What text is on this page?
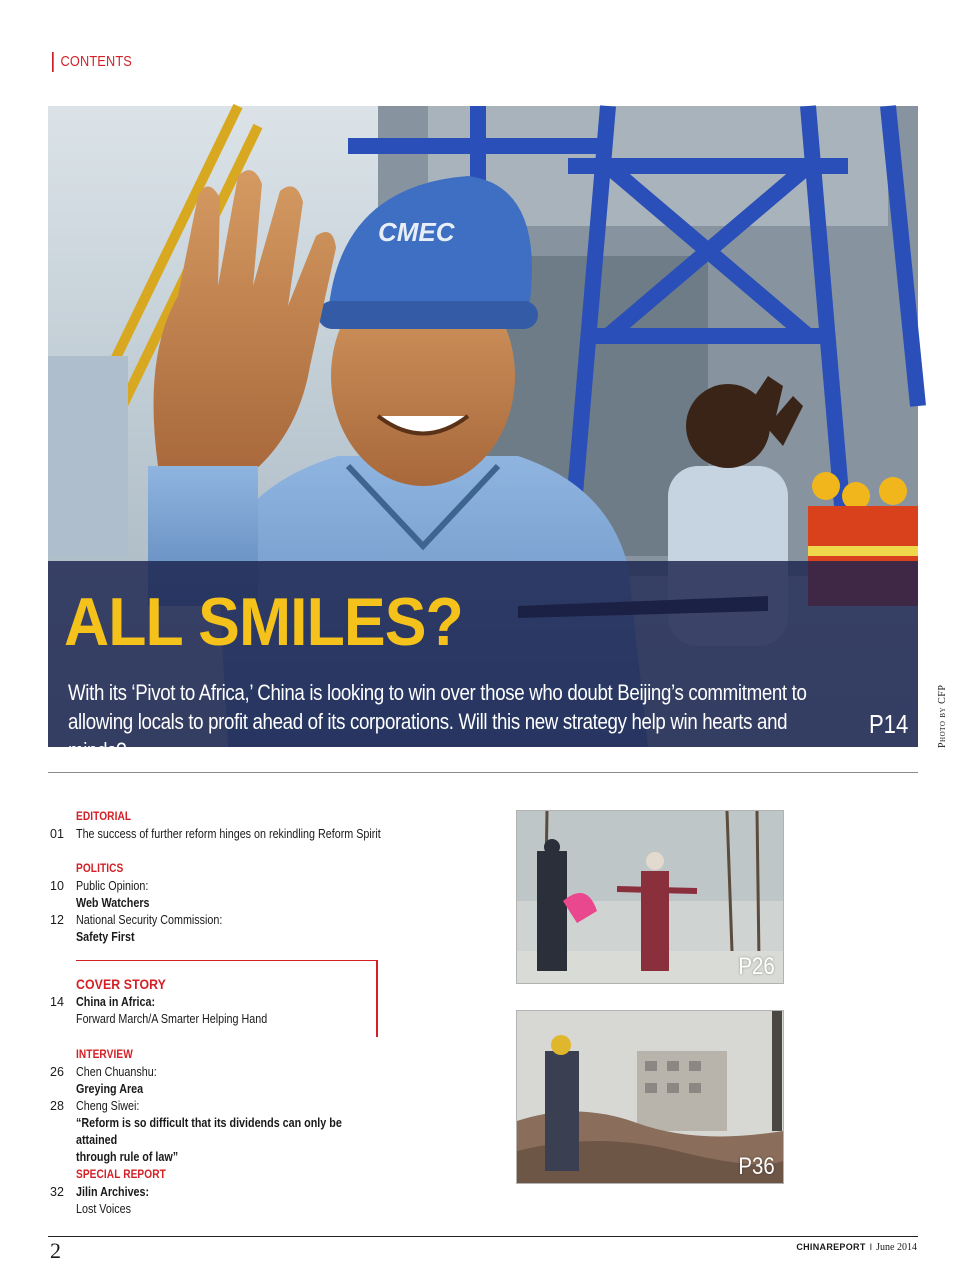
CONTENTS
CMEC
ALL SMILES?
With its ‘Pivot to Africa,’ China is looking to win over those who doubt Beijing’s commitment to
allowing locals to profit ahead of its corporations. Will this new strategy help win hearts and minds?
P14	Photo by CFP
EDITORIAL
01 The success of further reform hinges on rekindling Reform Spirit
POLITICS
10 Public Opinion:
Web Watchers
12 National Security Commission:
Safety First
COVER STORY
14 China in Africa:
Forward March/A Smarter Helping Hand
INTERVIEW
26 Chen Chuanshu:
Greying Area
28 Cheng Siwei:
“Reform is so difficult that its dividends can only be attained
through rule of law”
SPECIAL REPORT
32 Jilin Archives:
Lost Voices
P26
P36
2	CHINAREPORT I June 2014
